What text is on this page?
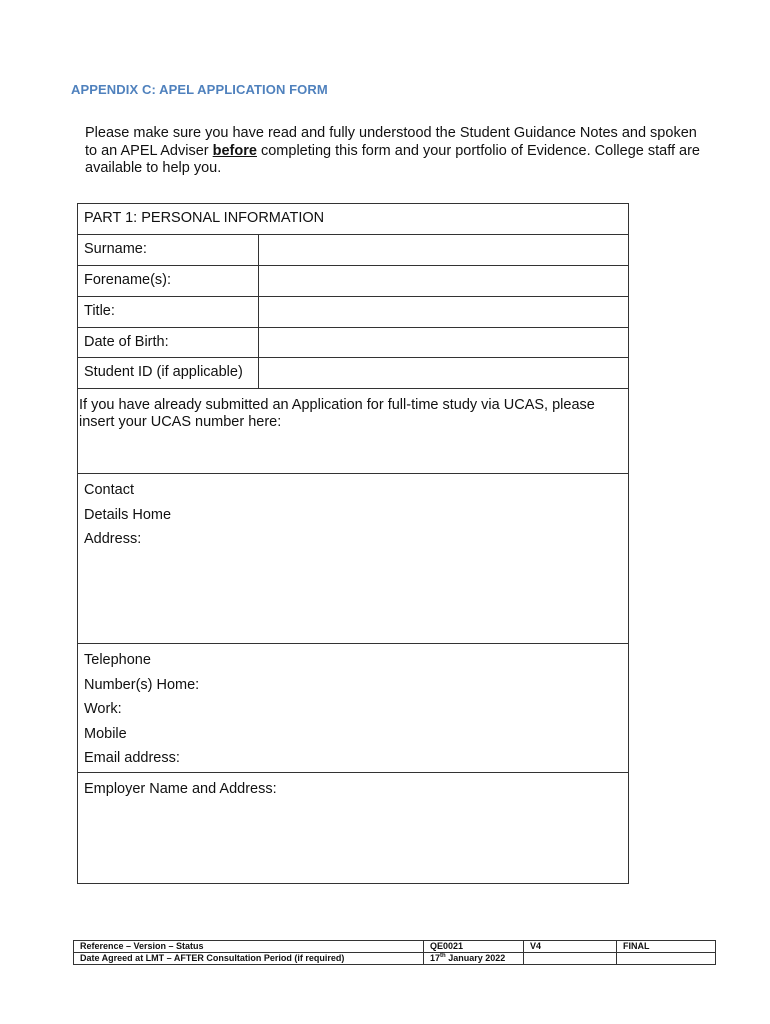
APPENDIX C: APEL APPLICATION FORM

Please make sure you have read and fully understood the Student Guidance Notes and spoken to an APEL Adviser before completing this form and your portfolio of Evidence. College staff are available to help you.

PART 1: PERSONAL INFORMATION
Surname:
Forename(s):
Title:
Date of Birth:
Student ID (if applicable)
If you have already submitted an Application for full-time study via UCAS, please insert your UCAS number here:
Contact
Details Home
Address:
Telephone
Number(s) Home:
Work:
Mobile
Email address:
Employer Name and Address:
Reference – Version – Status	QE0021	V4	FINAL
Date Agreed at LMT – AFTER Consultation Period (if required)	17th January 2022		
